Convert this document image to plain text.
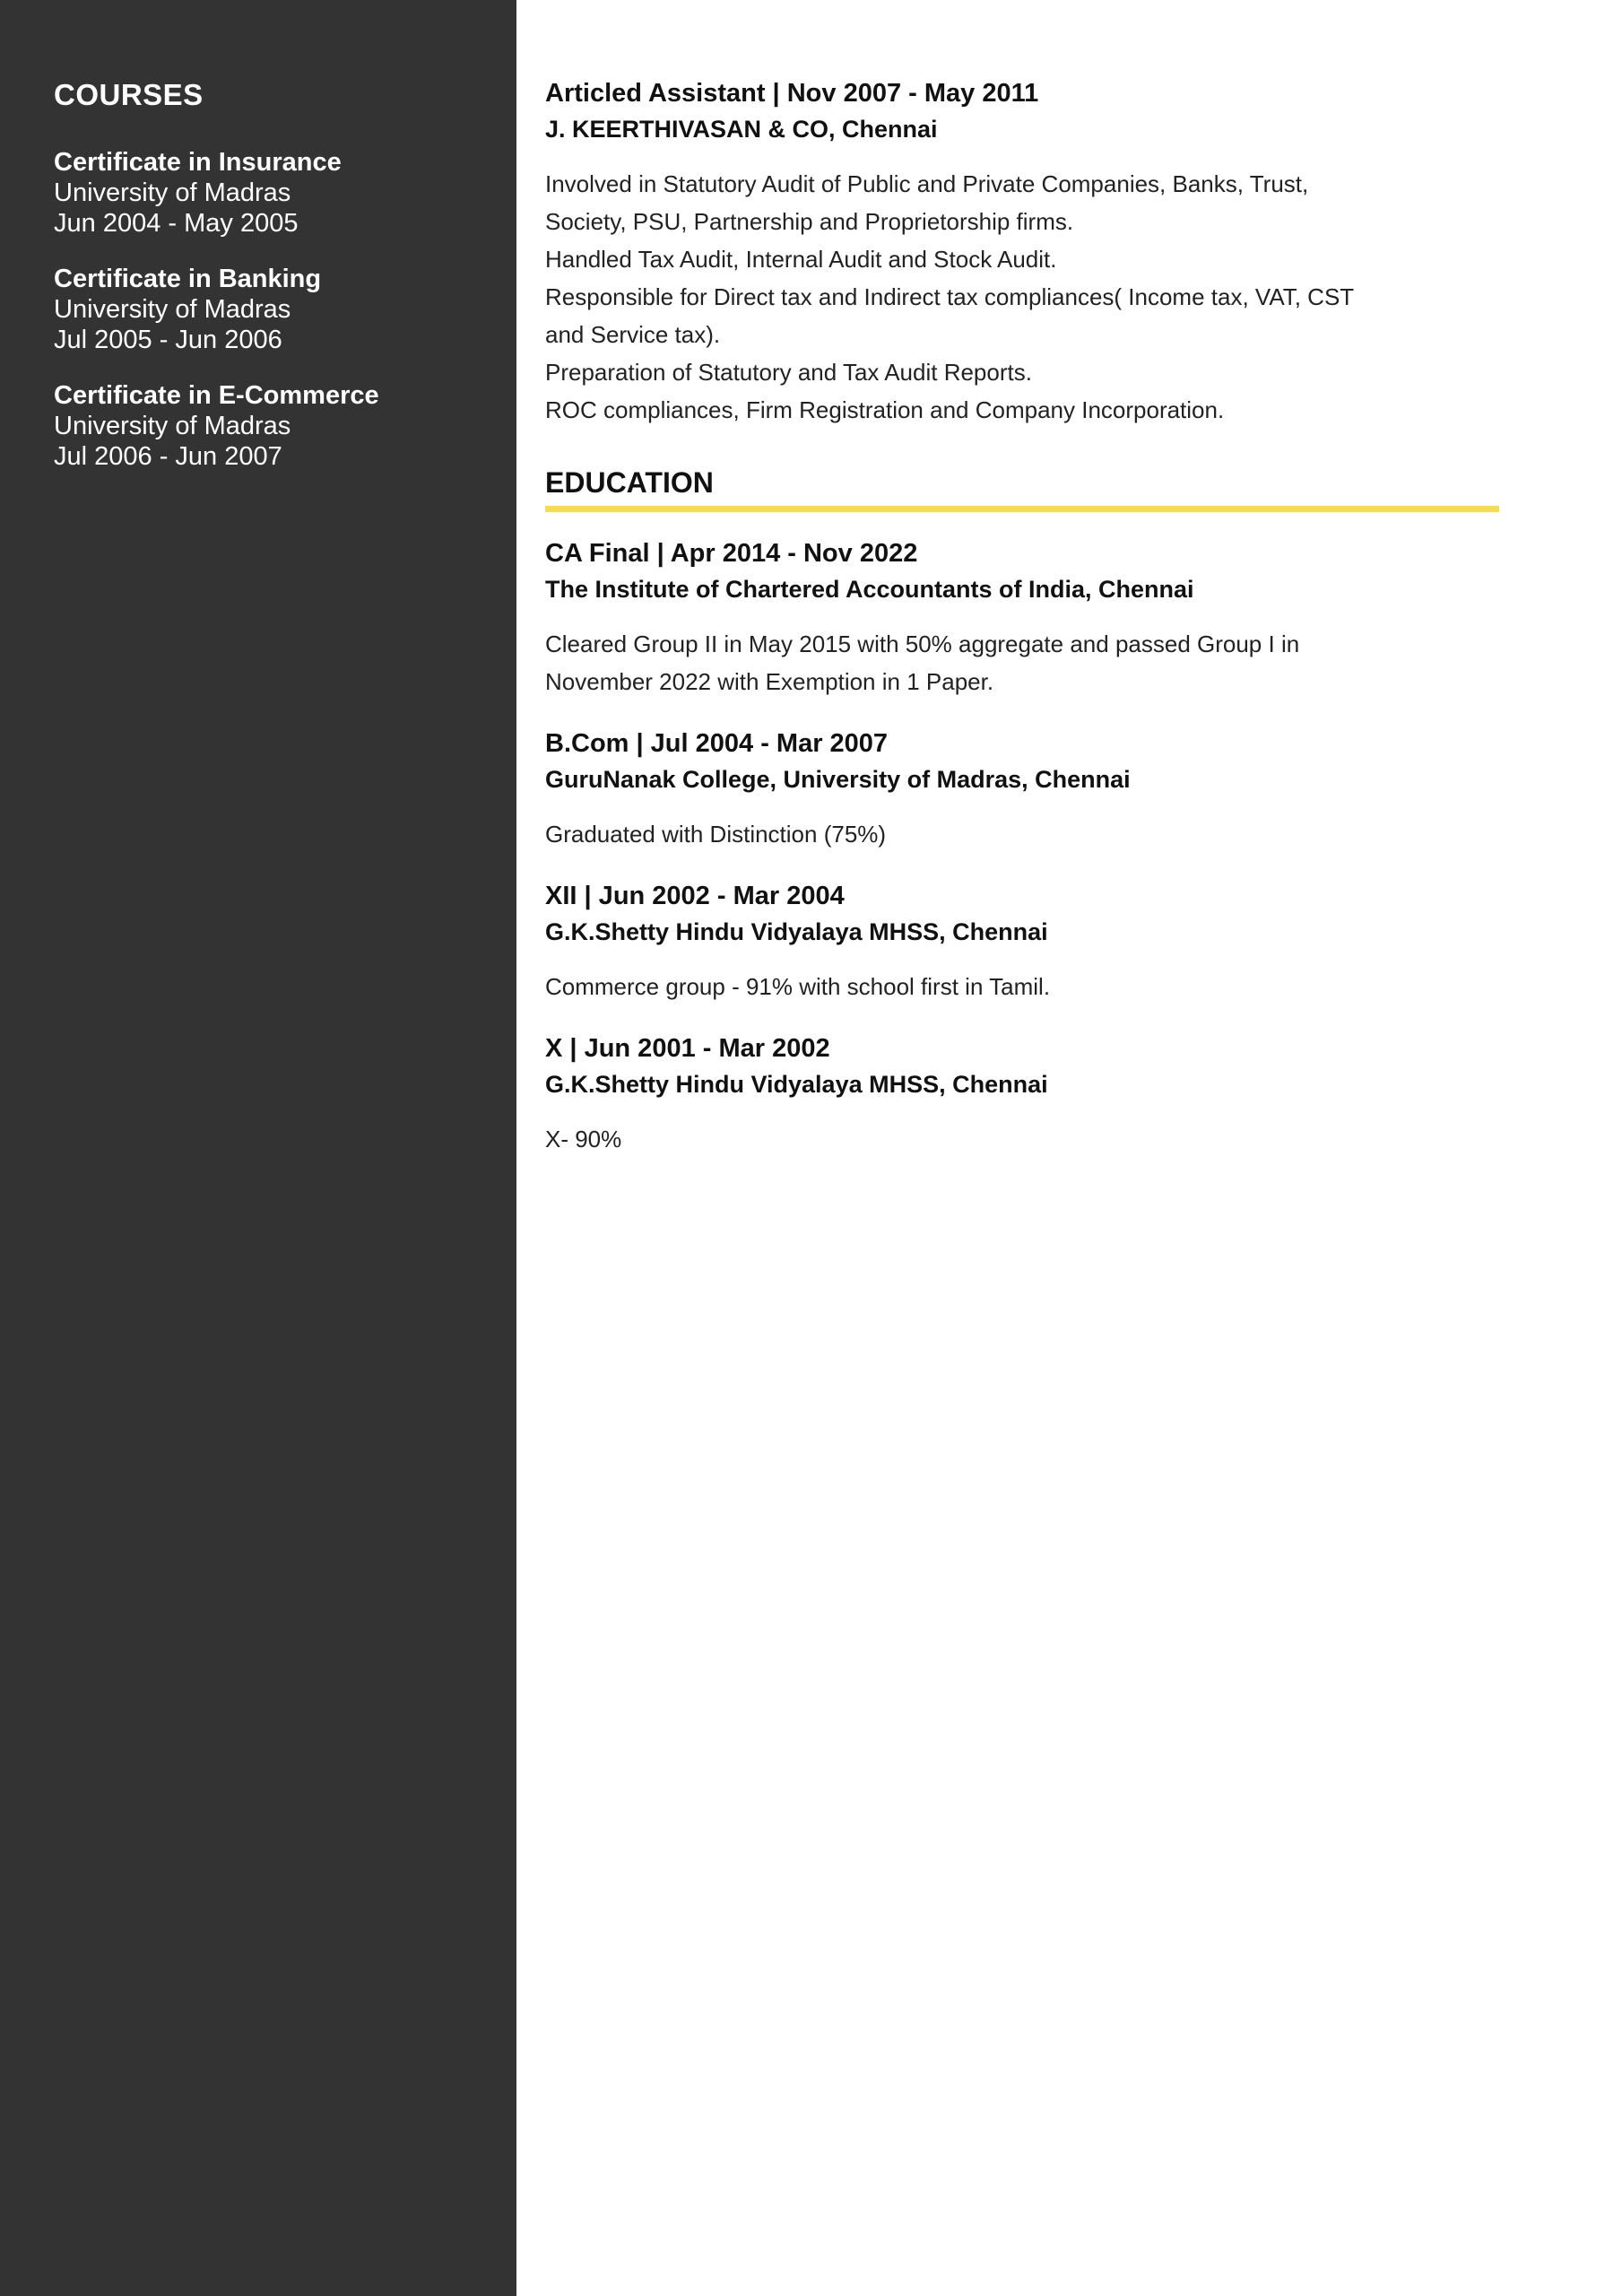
COURSES
Certificate in Insurance
University of Madras
Jun 2004 - May 2005
Certificate in Banking
University of Madras
Jul 2005 - Jun 2006
Certificate in E-Commerce
University of Madras
Jul 2006 - Jun 2007
Articled Assistant | Nov 2007 - May 2011
J. KEERTHIVASAN & CO, Chennai
Involved in Statutory Audit of Public and Private Companies, Banks, Trust,
Society, PSU, Partnership and Proprietorship firms.
Handled Tax Audit, Internal Audit and Stock Audit.
Responsible for Direct tax and Indirect tax compliances( Income tax, VAT, CST
and Service tax).
Preparation of Statutory and Tax Audit Reports.
ROC compliances, Firm Registration and Company Incorporation.
EDUCATION
CA Final | Apr 2014 - Nov 2022
The Institute of Chartered Accountants of India, Chennai
Cleared Group II in May 2015 with 50% aggregate and passed Group I in
November 2022 with Exemption in 1 Paper.
B.Com | Jul 2004 - Mar 2007
GuruNanak College, University of Madras, Chennai
Graduated with Distinction (75%)
XII | Jun 2002 - Mar 2004
G.K.Shetty Hindu Vidyalaya MHSS, Chennai
Commerce group - 91% with school first in Tamil.
X | Jun 2001 - Mar 2002
G.K.Shetty Hindu Vidyalaya MHSS, Chennai
X- 90%
